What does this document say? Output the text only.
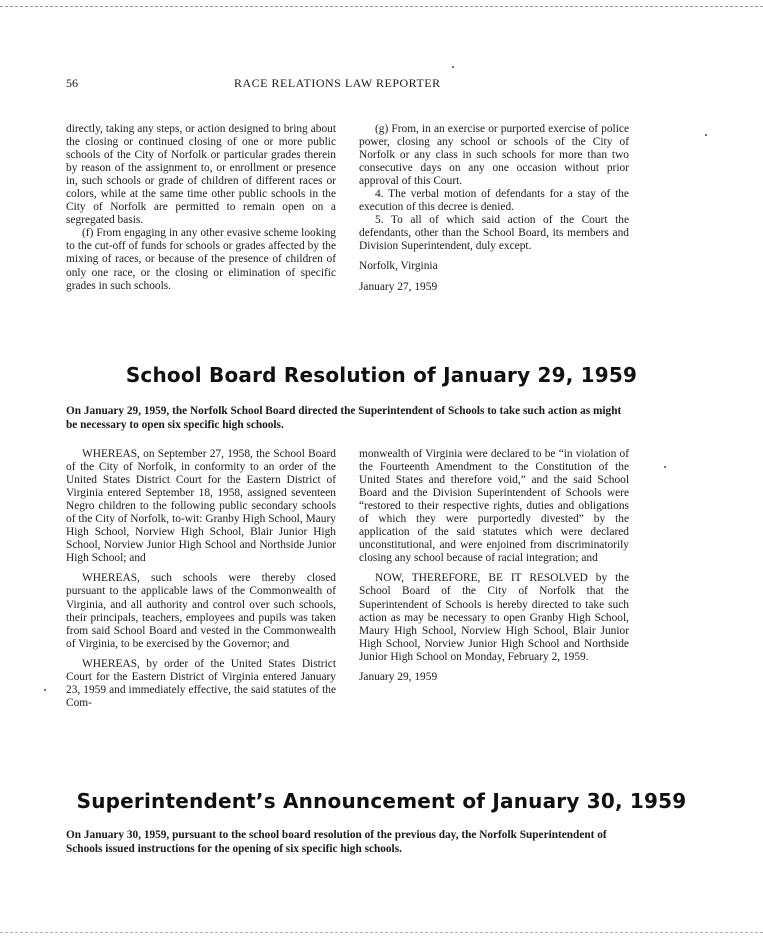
56	RACE RELATIONS LAW REPORTER

directly, taking any steps, or action designed to bring about the closing or continued closing of one or more public schools of the City of Norfolk or particular grades therein by reason of the assignment to, or enrollment or presence in, such schools or grade of children of different races or colors, while at the same time other public schools in the City of Norfolk are permitted to remain open on a segregated basis.

(f) From engaging in any other evasive scheme looking to the cut-off of funds for schools or grades affected by the mixing of races, or because of the presence of children of only one race, or the closing or elimination of specific grades in such schools.

(g) From, in an exercise or purported exercise of police power, closing any school or schools of the City of Norfolk or any class in such schools for more than two consecutive days on any one occasion without prior approval of this Court.

4. The verbal motion of defendants for a stay of the execution of this decree is denied.

5. To all of which said action of the Court the defendants, other than the School Board, its members and Division Superintendent, duly except.

Norfolk, Virginia

January 27, 1959

School Board Resolution of January 29, 1959
On January 29, 1959, the Norfolk School Board directed the Superintendent of Schools to take such action as might be necessary to open six specific high schools.

WHEREAS, on September 27, 1958, the School Board of the City of Norfolk, in conformity to an order of the United States District Court for the Eastern District of Virginia entered September 18, 1958, assigned seventeen Negro children to the following public secondary schools of the City of Norfolk, to-wit: Granby High School, Maury High School, Norview High School, Blair Junior High School, Norview Junior High School and Northside Junior High School; and

WHEREAS, such schools were thereby closed pursuant to the applicable laws of the Commonwealth of Virginia, and all authority and control over such schools, their principals, teachers, employees and pupils was taken from said School Board and vested in the Commonwealth of Virginia, to be exercised by the Governor; and

WHEREAS, by order of the United States District Court for the Eastern District of Virginia entered January 23, 1959 and immediately effective, the said statutes of the Com-

monwealth of Virginia were declared to be “in violation of the Fourteenth Amendment to the Constitution of the United States and therefore void,” and the said School Board and the Division Superintendent of Schools were “restored to their respective rights, duties and obligations of which they were purportedly divested” by the application of the said statutes which were declared unconstitutional, and were enjoined from discriminatorily closing any school because of racial integration; and

NOW, THEREFORE, BE IT RESOLVED by the School Board of the City of Norfolk that the Superintendent of Schools is hereby directed to take such action as may be necessary to open Granby High School, Maury High School, Norview High School, Blair Junior High School, Norview Junior High School and Northside Junior High School on Monday, February 2, 1959.

January 29, 1959

Superintendent’s Announcement of January 30, 1959
On January 30, 1959, pursuant to the school board resolution of the previous day, the Norfolk Superintendent of Schools issued instructions for the opening of six specific high schools.
